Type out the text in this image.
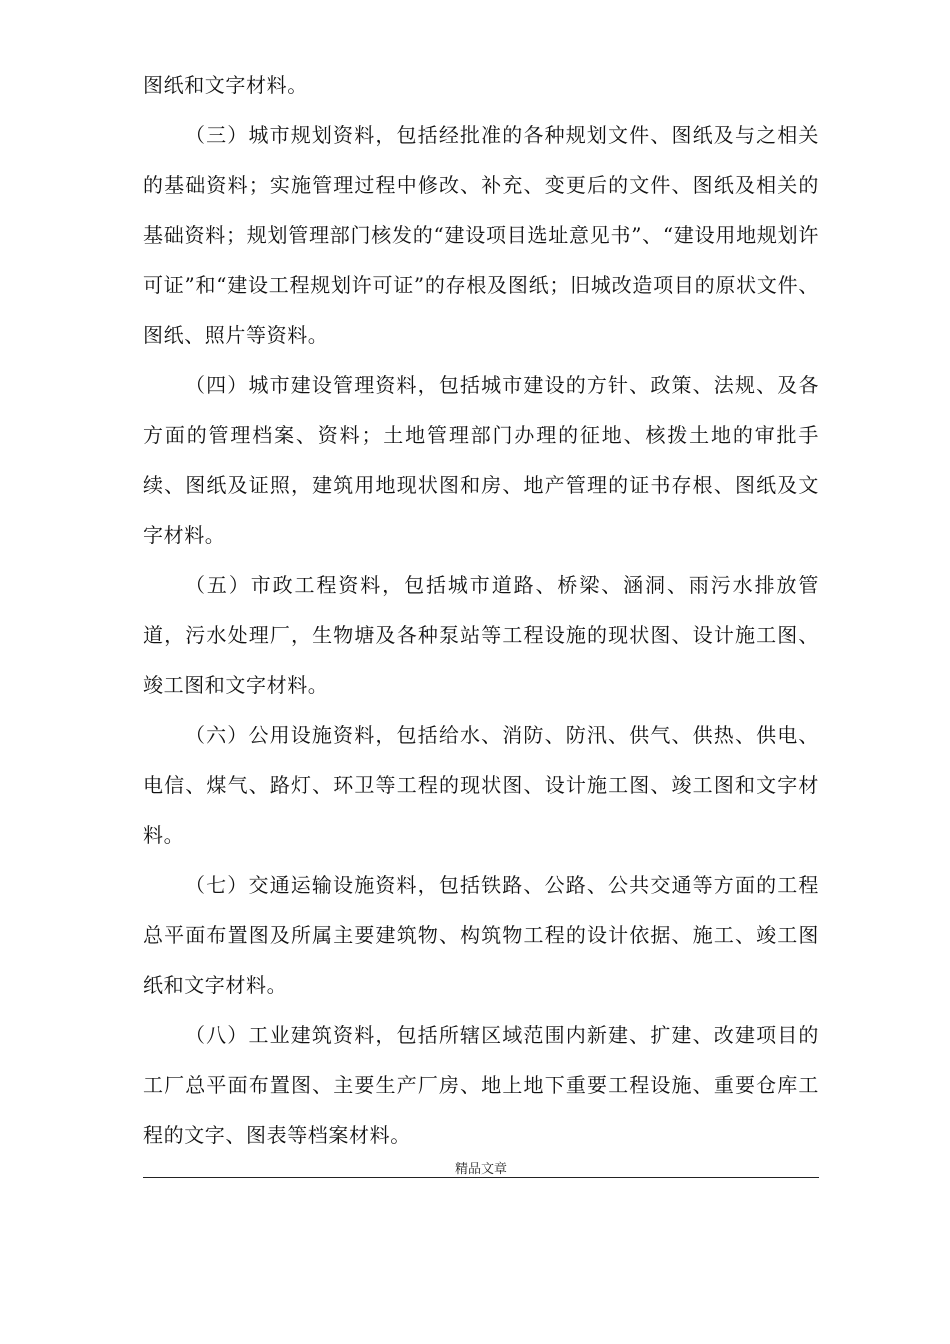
图纸和文字材料。

（三）城市规划资料，包括经批准的各种规划文件、图纸及与之相关的基础资料；实施管理过程中修改、补充、变更后的文件、图纸及相关的基础资料；规划管理部门核发的“建设项目选址意见书”、“建设用地规划许可证”和“建设工程规划许可证”的存根及图纸；旧城改造项目的原状文件、图纸、照片等资料。

（四）城市建设管理资料，包括城市建设的方针、政策、法规、及各方面的管理档案、资料；土地管理部门办理的征地、核拨土地的审批手续、图纸及证照，建筑用地现状图和房、地产管理的证书存根、图纸及文字材料。

（五）市政工程资料，包括城市道路、桥梁、涵洞、雨污水排放管道，污水处理厂，生物塘及各种泵站等工程设施的现状图、设计施工图、竣工图和文字材料。

（六）公用设施资料，包括给水、消防、防汛、供气、供热、供电、电信、煤气、路灯、环卫等工程的现状图、设计施工图、竣工图和文字材料。

（七）交通运输设施资料，包括铁路、公路、公共交通等方面的工程总平面布置图及所属主要建筑物、构筑物工程的设计依据、施工、竣工图纸和文字材料。

（八）工业建筑资料，包括所辖区域范围内新建、扩建、改建项目的工厂总平面布置图、主要生产厂房、地上地下重要工程设施、重要仓库工程的文字、图表等档案材料。

精品文章
